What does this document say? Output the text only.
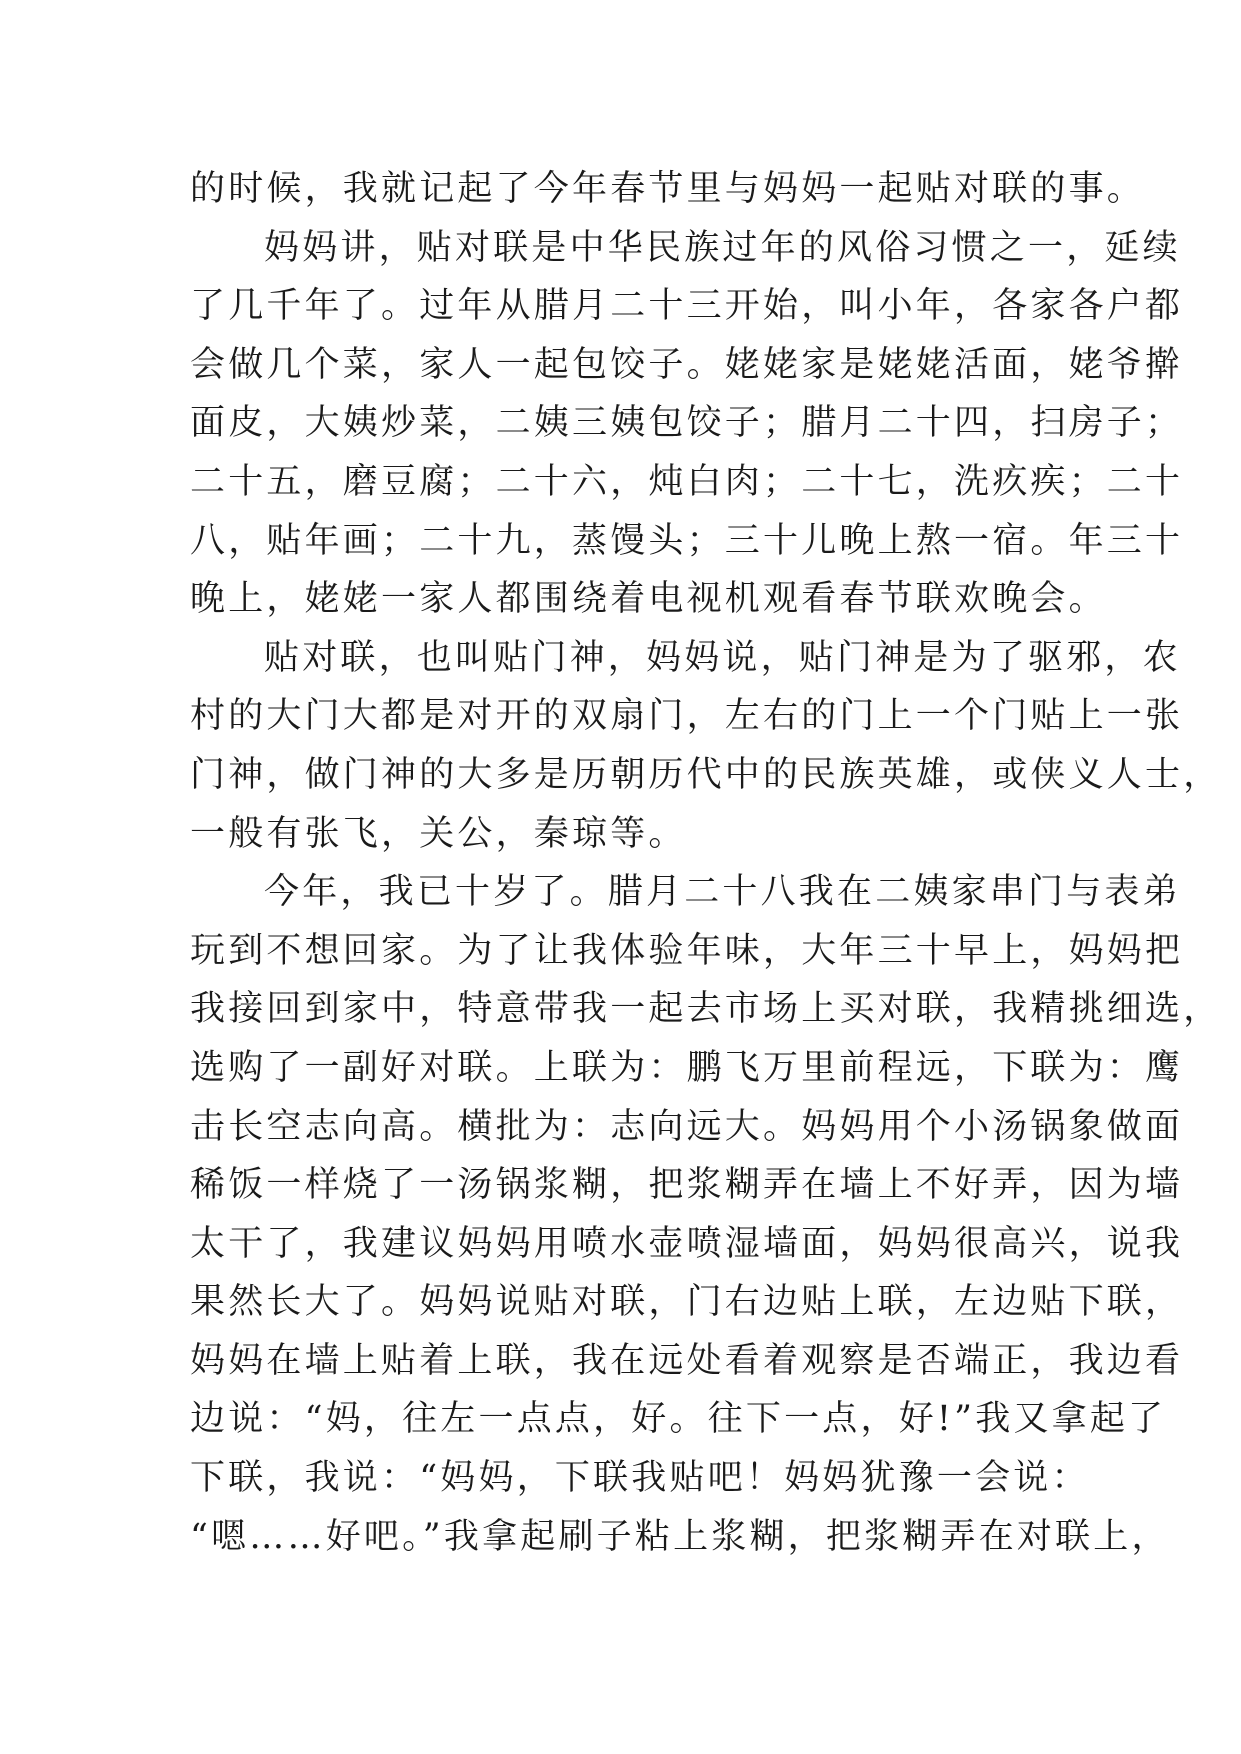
的时候，我就记起了今年春节里与妈妈一起贴对联的事。
妈妈讲，贴对联是中华民族过年的风俗习惯之一，延续
了几千年了。过年从腊月二十三开始，叫小年，各家各户都
会做几个菜，家人一起包饺子。姥姥家是姥姥活面，姥爷擀
面皮，大姨炒菜，二姨三姨包饺子；腊月二十四，扫房子；
二十五，磨豆腐；二十六，炖白肉；二十七，洗疚疾；二十
八，贴年画；二十九，蒸馒头；三十儿晚上熬一宿。年三十
晚上，姥姥一家人都围绕着电视机观看春节联欢晚会。
贴对联，也叫贴门神，妈妈说，贴门神是为了驱邪，农
村的大门大都是对开的双扇门，左右的门上一个门贴上一张
门神，做门神的大多是历朝历代中的民族英雄，或侠义人士，
一般有张飞，关公，秦琼等。
今年，我已十岁了。腊月二十八我在二姨家串门与表弟
玩到不想回家。为了让我体验年味，大年三十早上，妈妈把
我接回到家中，特意带我一起去市场上买对联，我精挑细选，
选购了一副好对联。上联为：鹏飞万里前程远，下联为：鹰
击长空志向高。横批为：志向远大。妈妈用个小汤锅象做面
稀饭一样烧了一汤锅浆糊，把浆糊弄在墙上不好弄，因为墙
太干了，我建议妈妈用喷水壶喷湿墙面，妈妈很高兴，说我
果然长大了。妈妈说贴对联，门右边贴上联，左边贴下联，
妈妈在墙上贴着上联，我在远处看着观察是否端正，我边看
边说：“妈，往左一点点，好。往下一点，好!”我又拿起了
下联，我说：“妈妈，下联我贴吧！妈妈犹豫一会说：
“嗯……好吧。”我拿起刷子粘上浆糊，把浆糊弄在对联上，
